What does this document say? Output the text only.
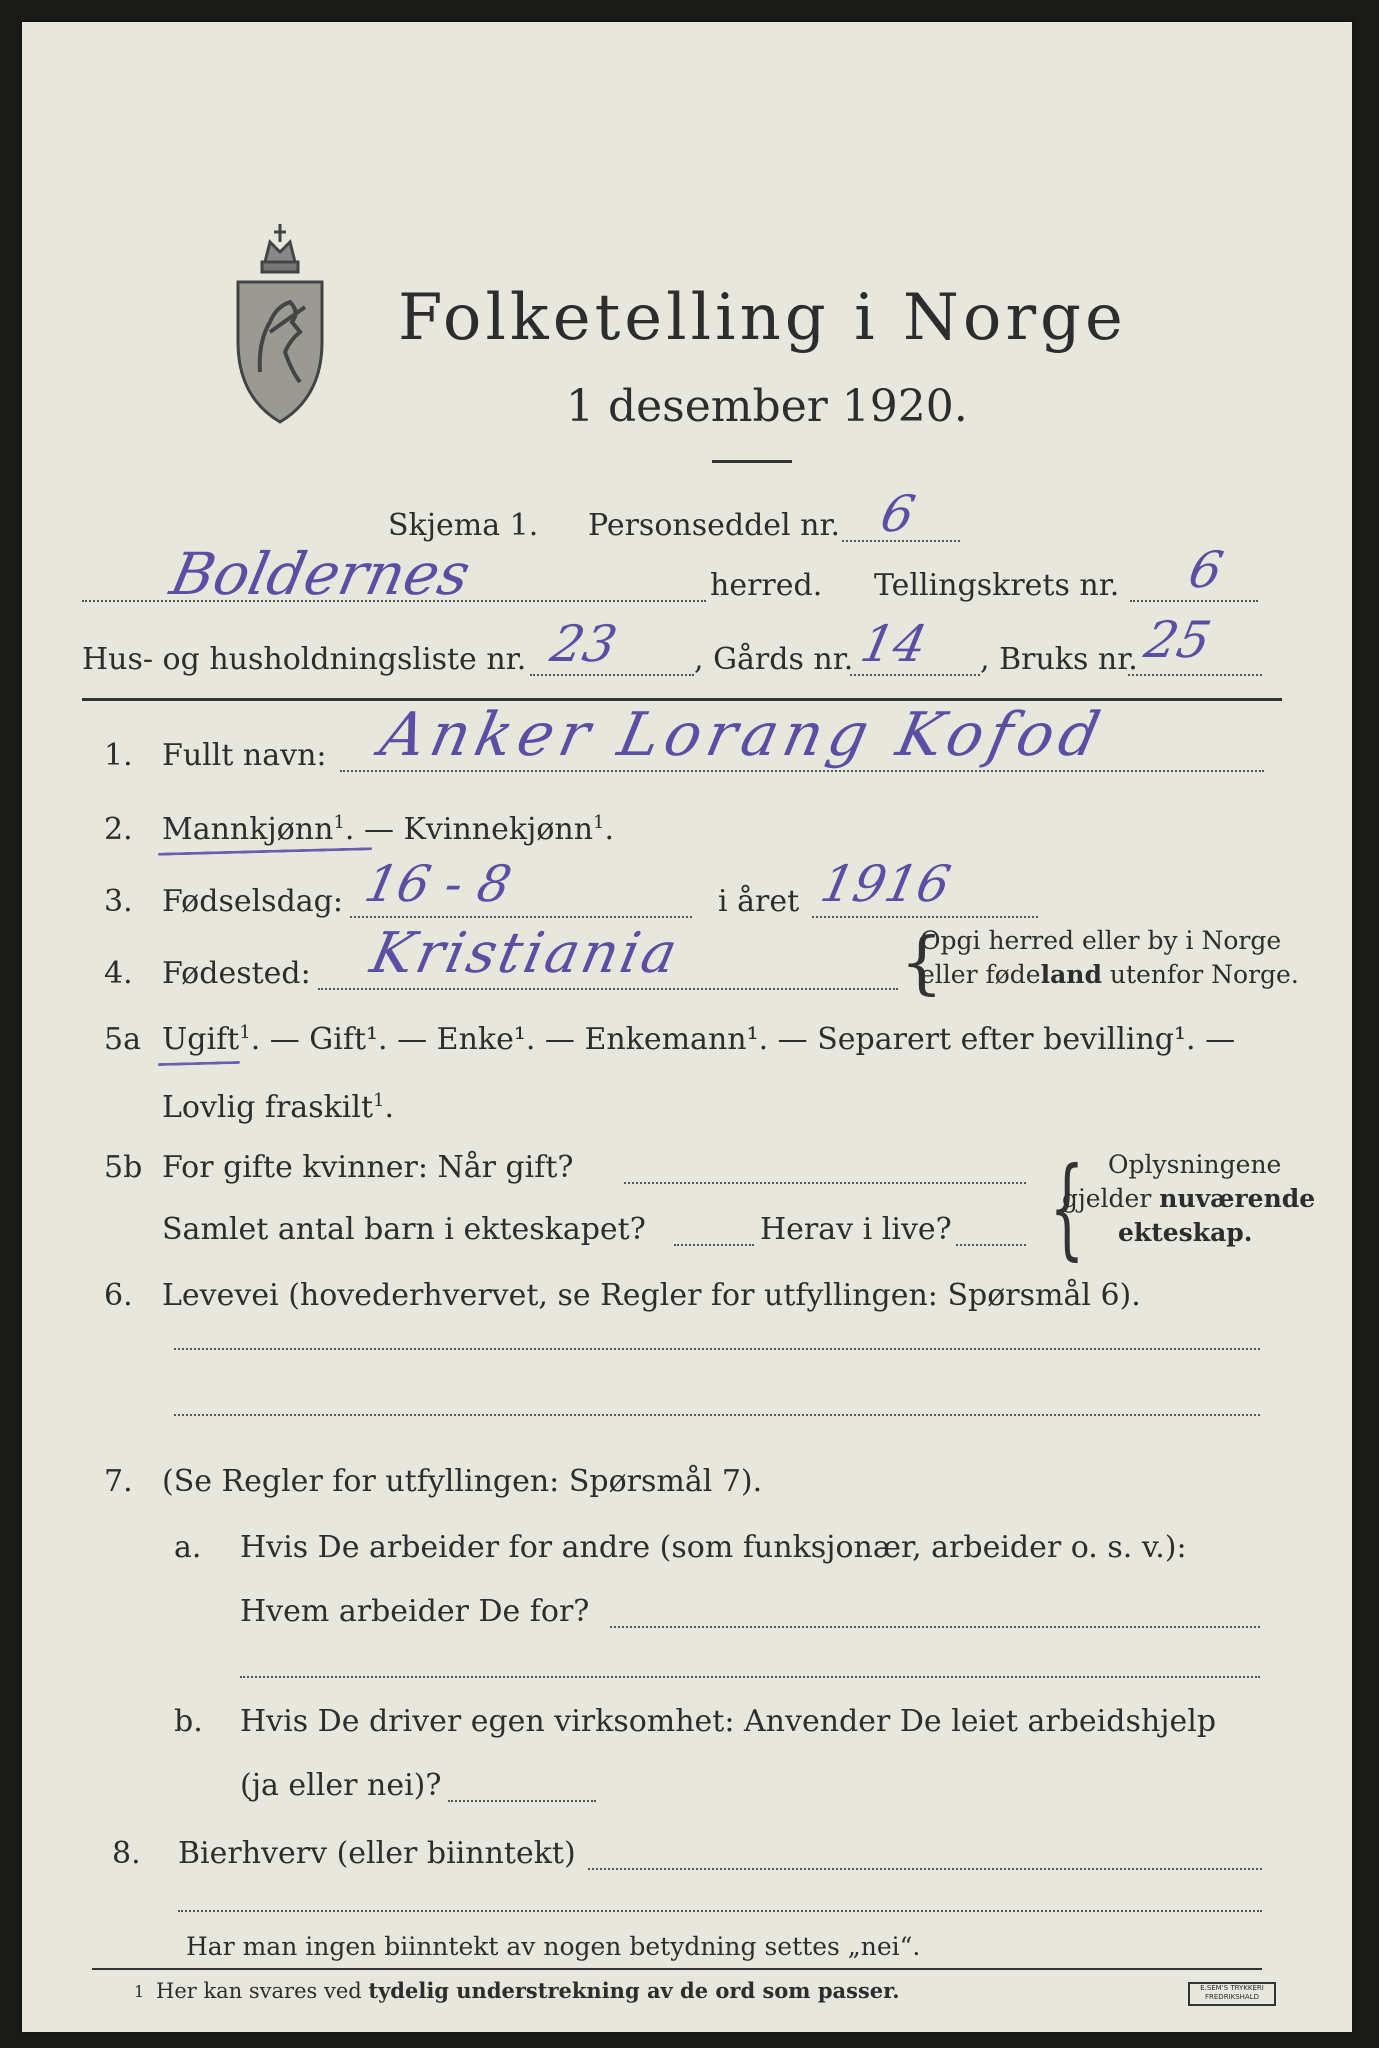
Folketelling i Norge
1 desember 1920.
Skjema 1. Personseddel nr. 6
Boldernes	herred. Tellingskrets nr. 6
Hus- og husholdningsliste nr. 23 , Gårds nr. 14 , Bruks nr. 25
1. Fullt navn: Anker Lorang Kofod
2. Mannkjønn$^1$. — Kvinnekjønn$^1$.
3. Fødselsdag: 16 - 8	i året 1916
4. Fødested: Kristiania	{
Opgi herred eller by i Norge
eller fødeland utenfor Norge.
5a Ugift$^1$. — Gift¹. — Enke¹. — Enkemann¹. — Separert efter bevilling¹. —
Lovlig fraskilt$^1$.
5b For gifte kvinner: Når gift?
Samlet antal barn i ekteskapet?	Herav i live? { Oplysningene
gjelder nuværende
ekteskap.
6. Levevei (hovederhvervet, se Regler for utfyllingen: Spørsmål 6).
7. (Se Regler for utfyllingen: Spørsmål 7).
a. Hvis De arbeider for andre (som funksjonær, arbeider o. s. v.):
Hvem arbeider De for?
b. Hvis De driver egen virksomhet: Anvender De leiet arbeidshjelp
(ja eller nei)?
8. Bierhverv (eller biinntekt)
Har man ingen biinntekt av nogen betydning settes „nei“.
1 Her kan svares ved tydelig understrekning av de ord som passer.	E.SEM'S TRYKKERI FREDRIKSHALD
